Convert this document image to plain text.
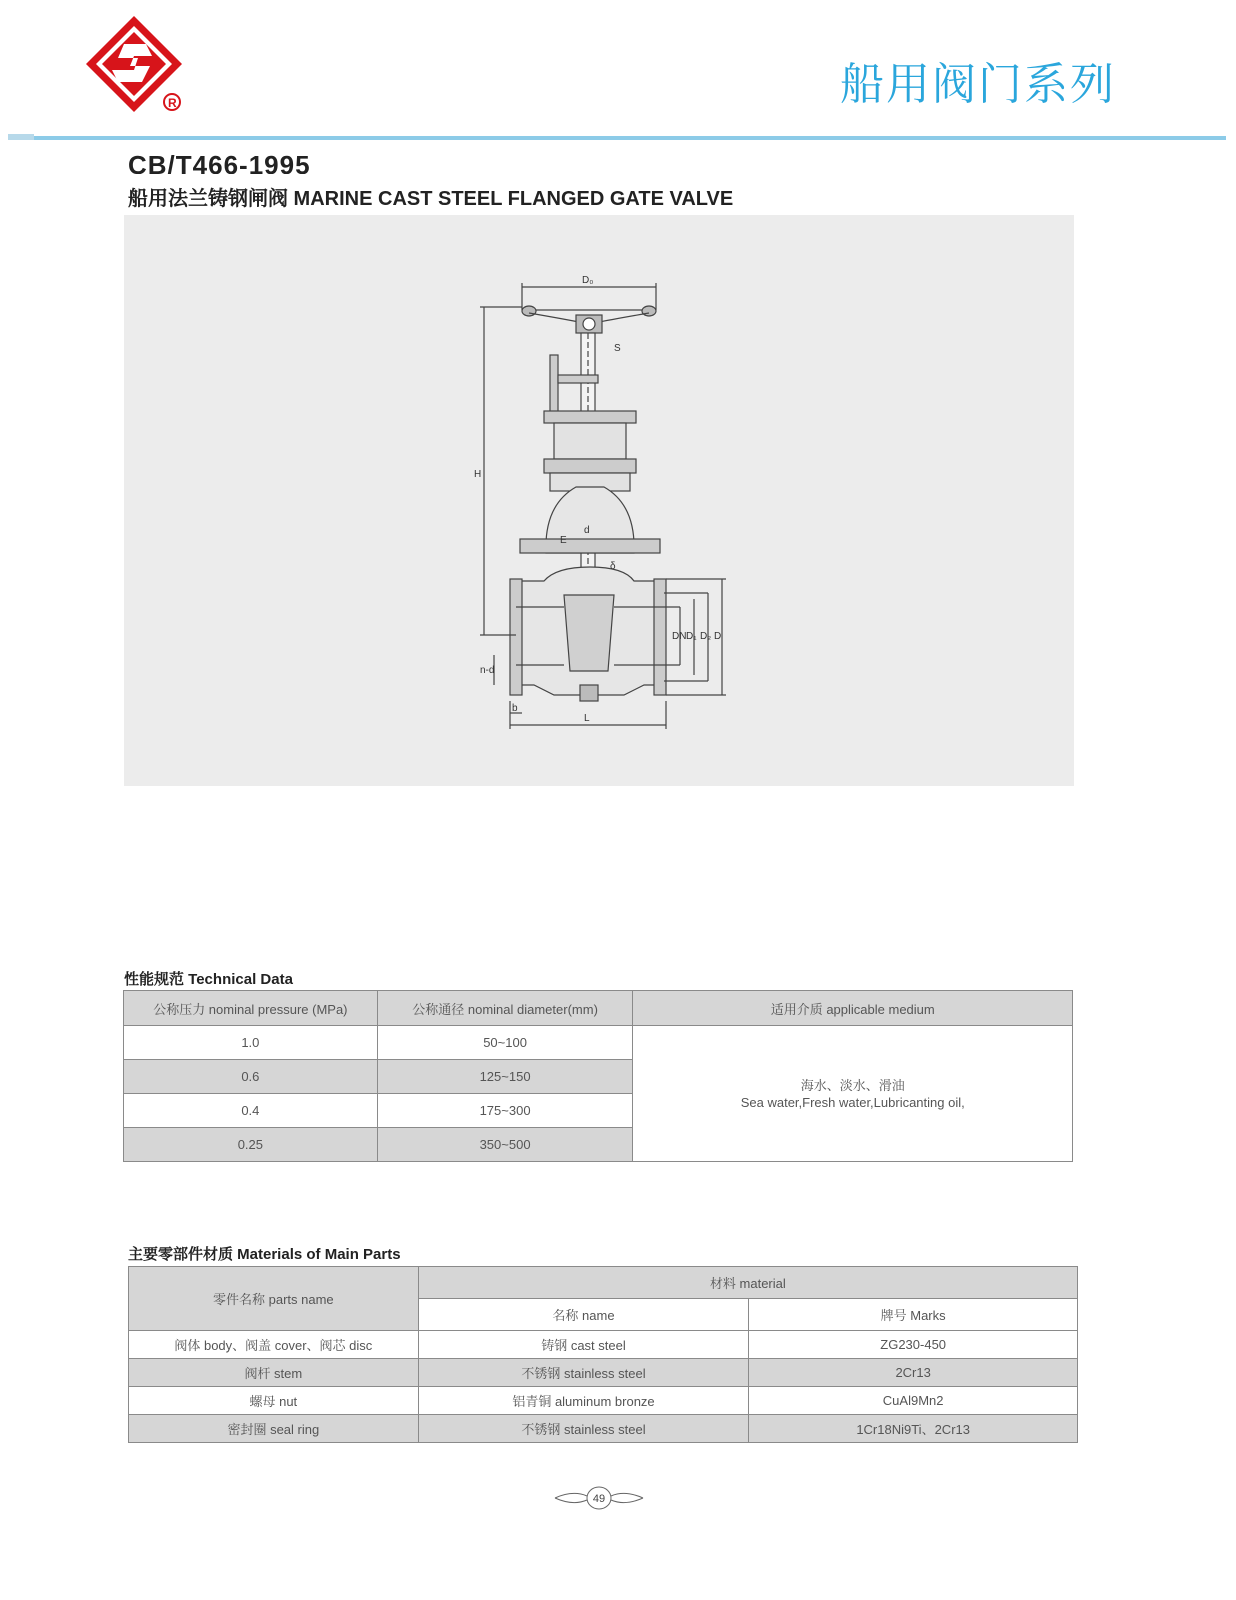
R	船用阀门系列
CB/T466-1995
船用法兰铸钢闸阀 MARINE CAST STEEL FLANGED GATE VALVE
D₀
S
H
E
d
δ
DN D₁ D₂ D
n-d
b
L
性能规范 Technical Data
公称压力 nominal pressure (MPa)	公称通径 nominal diameter(mm)	适用介质 applicable medium
1.0	50~100	海水、淡水、滑油
Sea water,Fresh water,Lubricanting oil,

0.6	125~150	
0.4	175~300	
0.25	350~500	
主要零部件材质 Materials of Main Parts
零件名称 parts name	材料 material	
	名称 name	牌号 Marks
阀体 body、阀盖 cover、阀芯 disc	铸钢 cast steel	ZG230-450
阀杆 stem	不锈钢 stainless steel	2Cr13
螺母 nut	铝青铜 aluminum bronze	CuAl9Mn2
密封圈 seal ring	不锈钢 stainless steel	1Cr18Ni9Ti、2Cr13
49
